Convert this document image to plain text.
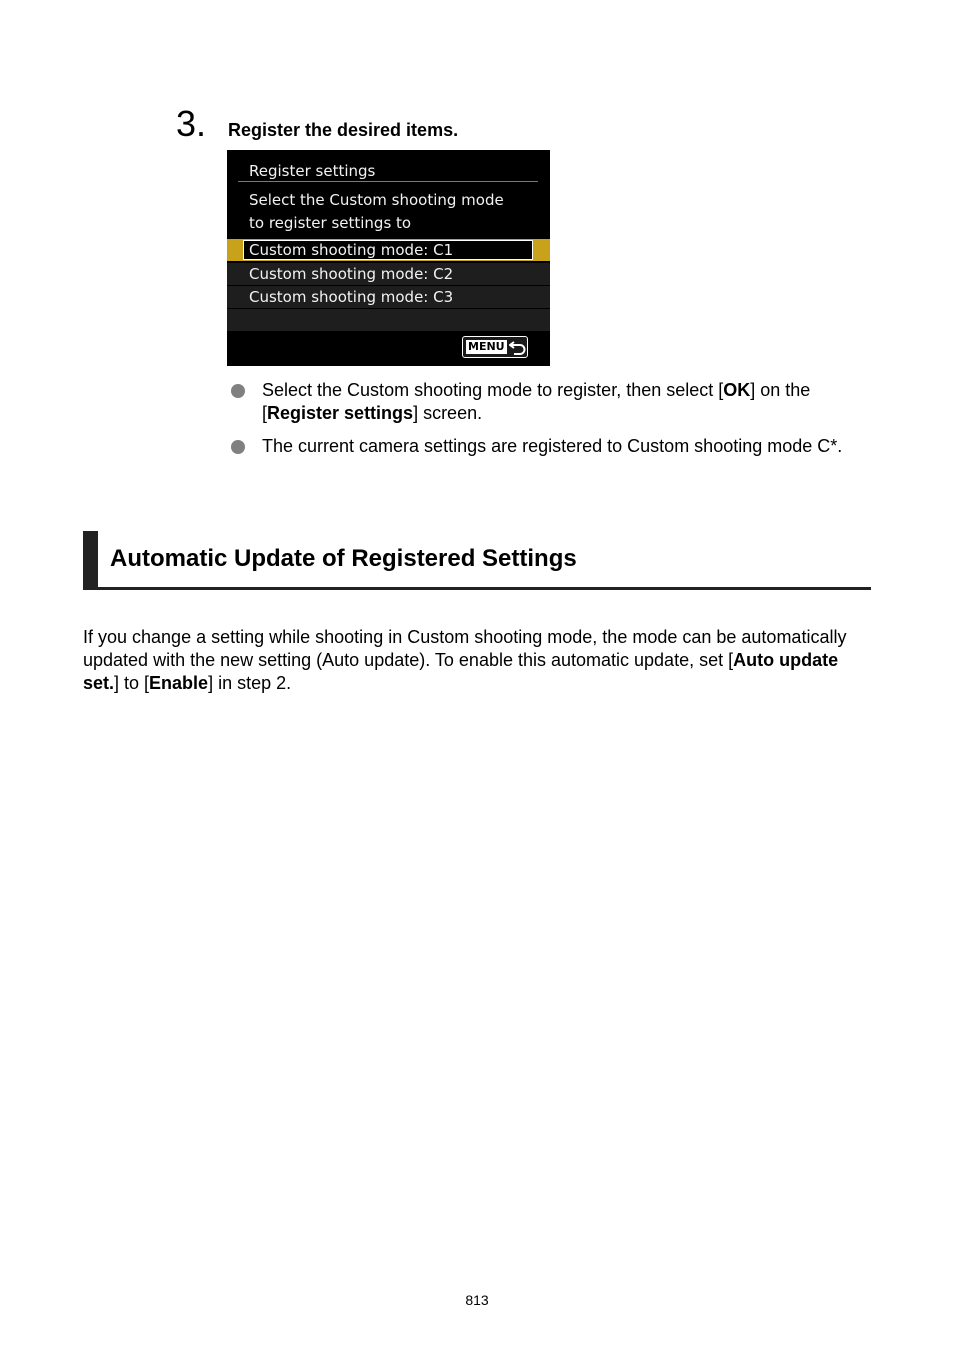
3. Register the desired items.
Register settings
Select the Custom shooting mode
to register settings to
Custom shooting mode: C1
Custom shooting mode: C2
Custom shooting mode: C3
MENU
Select the Custom shooting mode to register, then select [OK] on the [Register settings] screen.
The current camera settings are registered to Custom shooting mode C*.
Automatic Update of Registered Settings
If you change a setting while shooting in Custom shooting mode, the mode can be automatically updated with the new setting (Auto update). To enable this automatic update, set [Auto update set.] to [Enable] in step 2.
813
